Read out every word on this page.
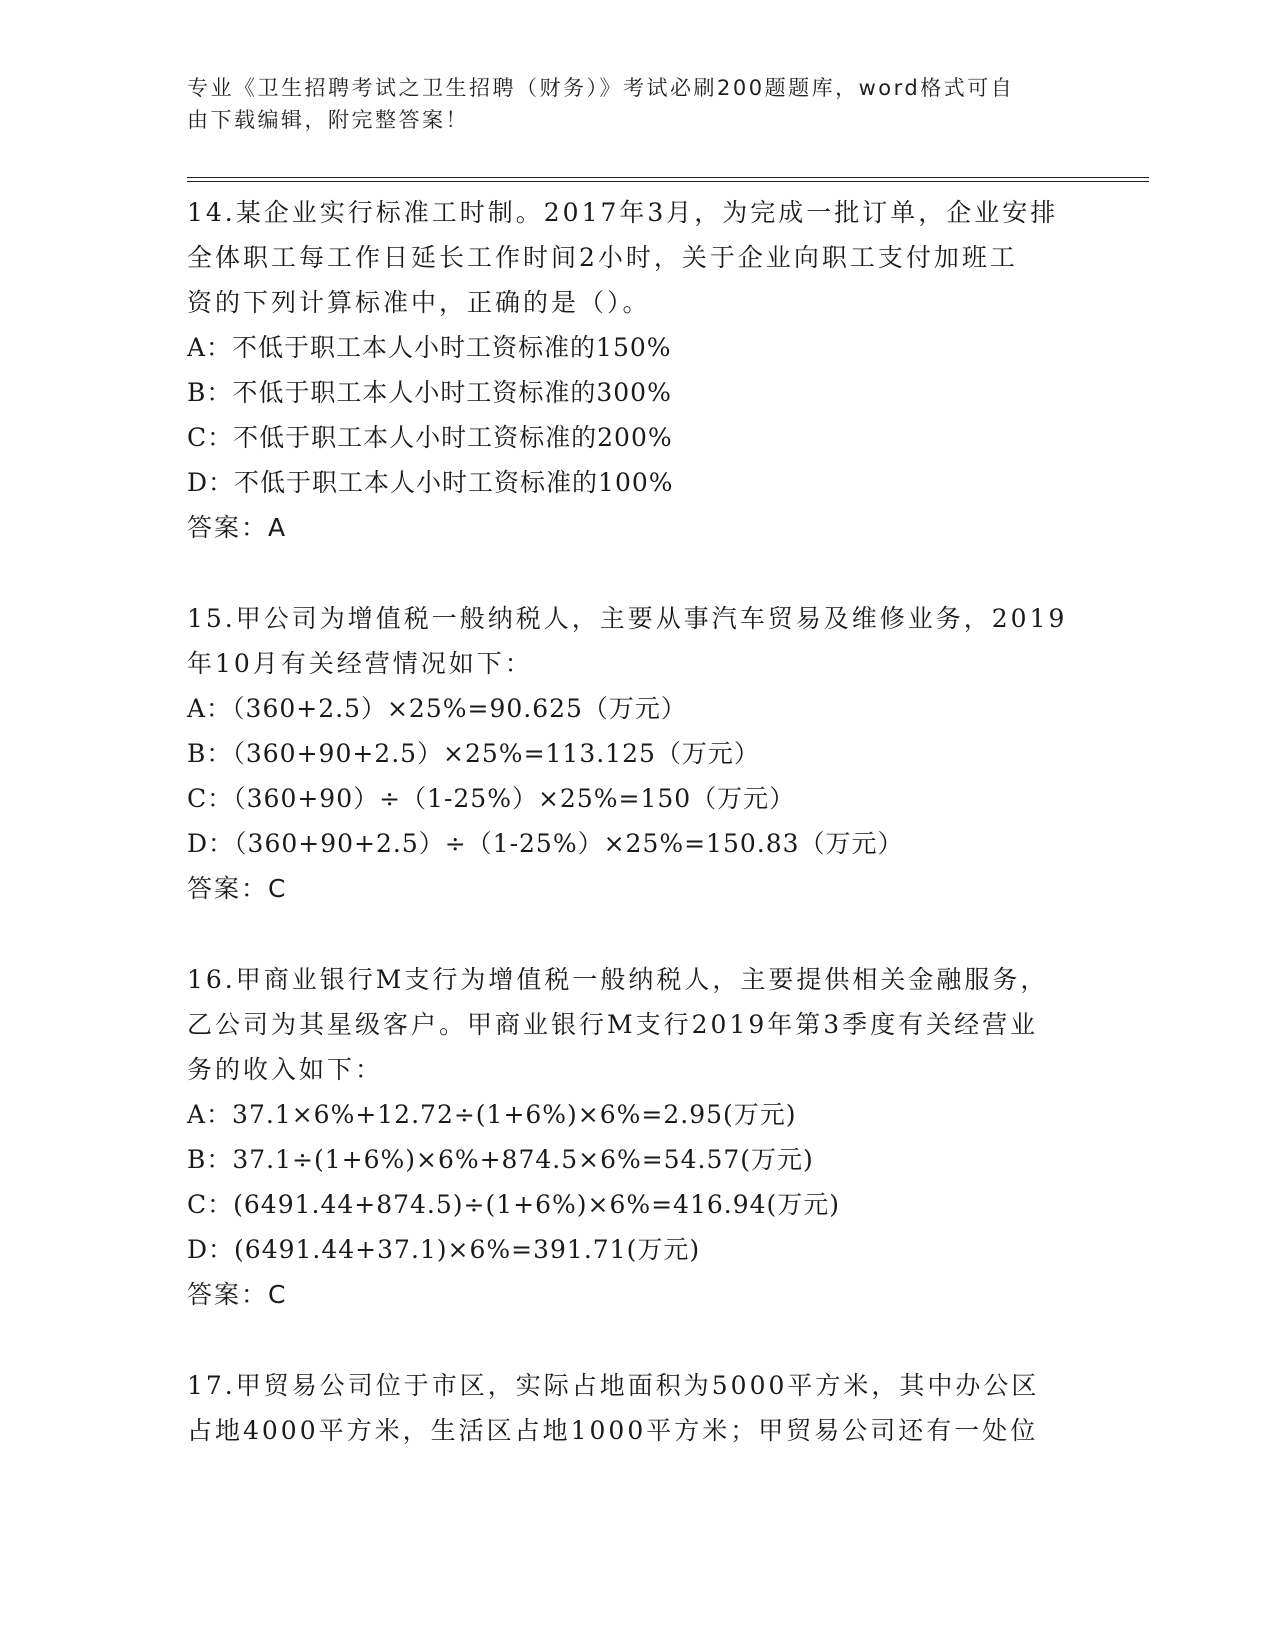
专业《卫生招聘考试之卫生招聘（财务）》考试必刷200题题库，word格式可自
由下载编辑，附完整答案！
14.某企业实行标准工时制。2017年3月，为完成一批订单，企业安排
全体职工每工作日延长工作时间2小时，关于企业向职工支付加班工
资的下列计算标准中，正确的是（）。
A：不低于职工本人小时工资标准的150%
B：不低于职工本人小时工资标准的300%
C：不低于职工本人小时工资标准的200%
D：不低于职工本人小时工资标准的100%
答案：A
15.甲公司为增值税一般纳税人，主要从事汽车贸易及维修业务，2019
年10月有关经营情况如下：
A：（360+2.5）×25%=90.625（万元）
B：（360+90+2.5）×25%=113.125（万元）
C：（360+90）÷（1-25%）×25%=150（万元）
D：（360+90+2.5）÷（1-25%）×25%=150.83（万元）
答案：C
16.甲商业银行M支行为增值税一般纳税人，主要提供相关金融服务，
乙公司为其星级客户。甲商业银行M支行2019年第3季度有关经营业
务的收入如下：
A：37.1×6%+12.72÷(1+6%)×6%=2.95(万元)
B：37.1÷(1+6%)×6%+874.5×6%=54.57(万元)
C：(6491.44+874.5)÷(1+6%)×6%=416.94(万元)
D：(6491.44+37.1)×6%=391.71(万元)
答案：C
17.甲贸易公司位于市区，实际占地面积为5000平方米，其中办公区
占地4000平方米，生活区占地1000平方米；甲贸易公司还有一处位
